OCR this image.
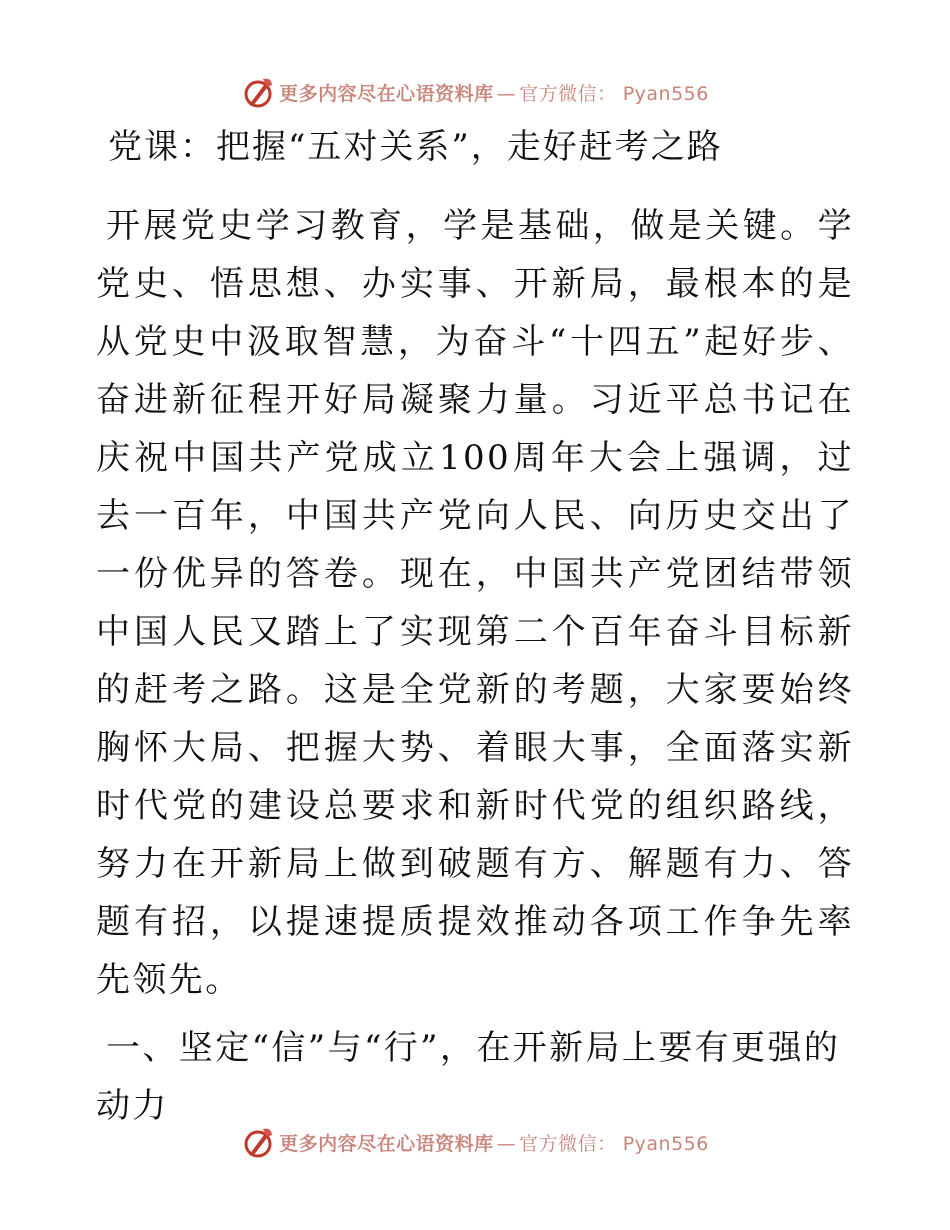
更多内容尽在心语资料库 — 官方微信： Pyan556
党课：把握“五对关系”，走好赶考之路

开展党史学习教育，学是基础，做是关键。学党史、悟思想、办实事、开新局，最根本的是从党史中汲取智慧，为奋斗“十四五”起好步、奋进新征程开好局凝聚力量。习近平总书记在庆祝中国共产党成立100周年大会上强调，过去一百年，中国共产党向人民、向历史交出了一份优异的答卷。现在，中国共产党团结带领中国人民又踏上了实现第二个百年奋斗目标新的赶考之路。这是全党新的考题，大家要始终胸怀大局、把握大势、着眼大事，全面落实新时代党的建设总要求和新时代党的组织路线，努力在开新局上做到破题有方、解题有力、答题有招，以提速提质提效推动各项工作争先率先领先。

一、坚定“信”与“行”，在开新局上要有更强的动力
更多内容尽在心语资料库 — 官方微信： Pyan556
